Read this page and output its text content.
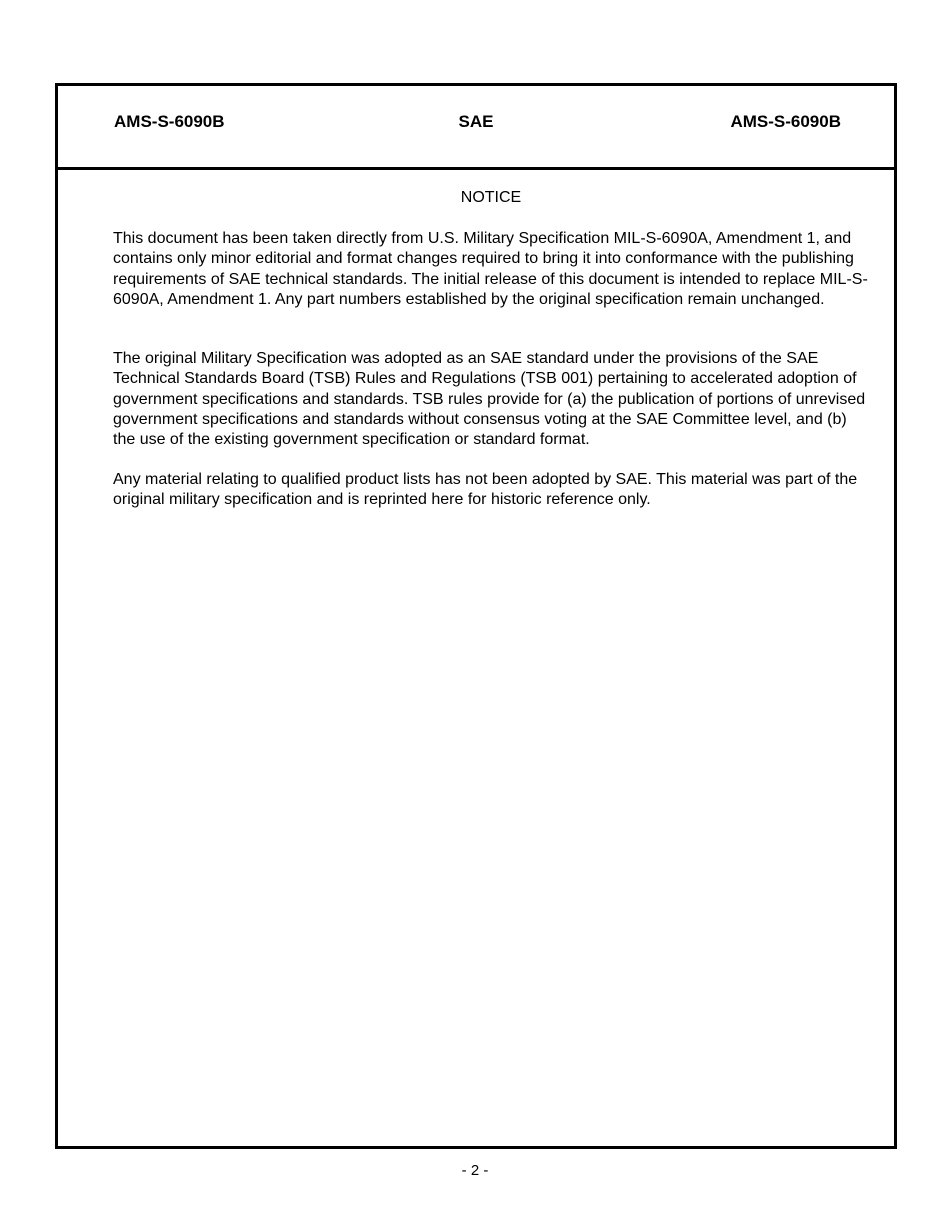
AMS-S-6090B	SAE	AMS-S-6090B
NOTICE
This document has been taken directly from U.S. Military Specification MIL-S-6090A, Amendment 1, and contains only minor editorial and format changes required to bring it into conformance with the publishing requirements of SAE technical standards. The initial release of this document is intended to replace MIL-S-6090A, Amendment 1. Any part numbers established by the original specification remain unchanged.
The original Military Specification was adopted as an SAE standard under the provisions of the SAE Technical Standards Board (TSB) Rules and Regulations (TSB 001) pertaining to accelerated adoption of government specifications and standards. TSB rules provide for (a) the publication of portions of unrevised government specifications and standards without consensus voting at the SAE Committee level, and (b) the use of the existing government specification or standard format.
Any material relating to qualified product lists has not been adopted by SAE. This material was part of the original military specification and is reprinted here for historic reference only.
- 2 -
